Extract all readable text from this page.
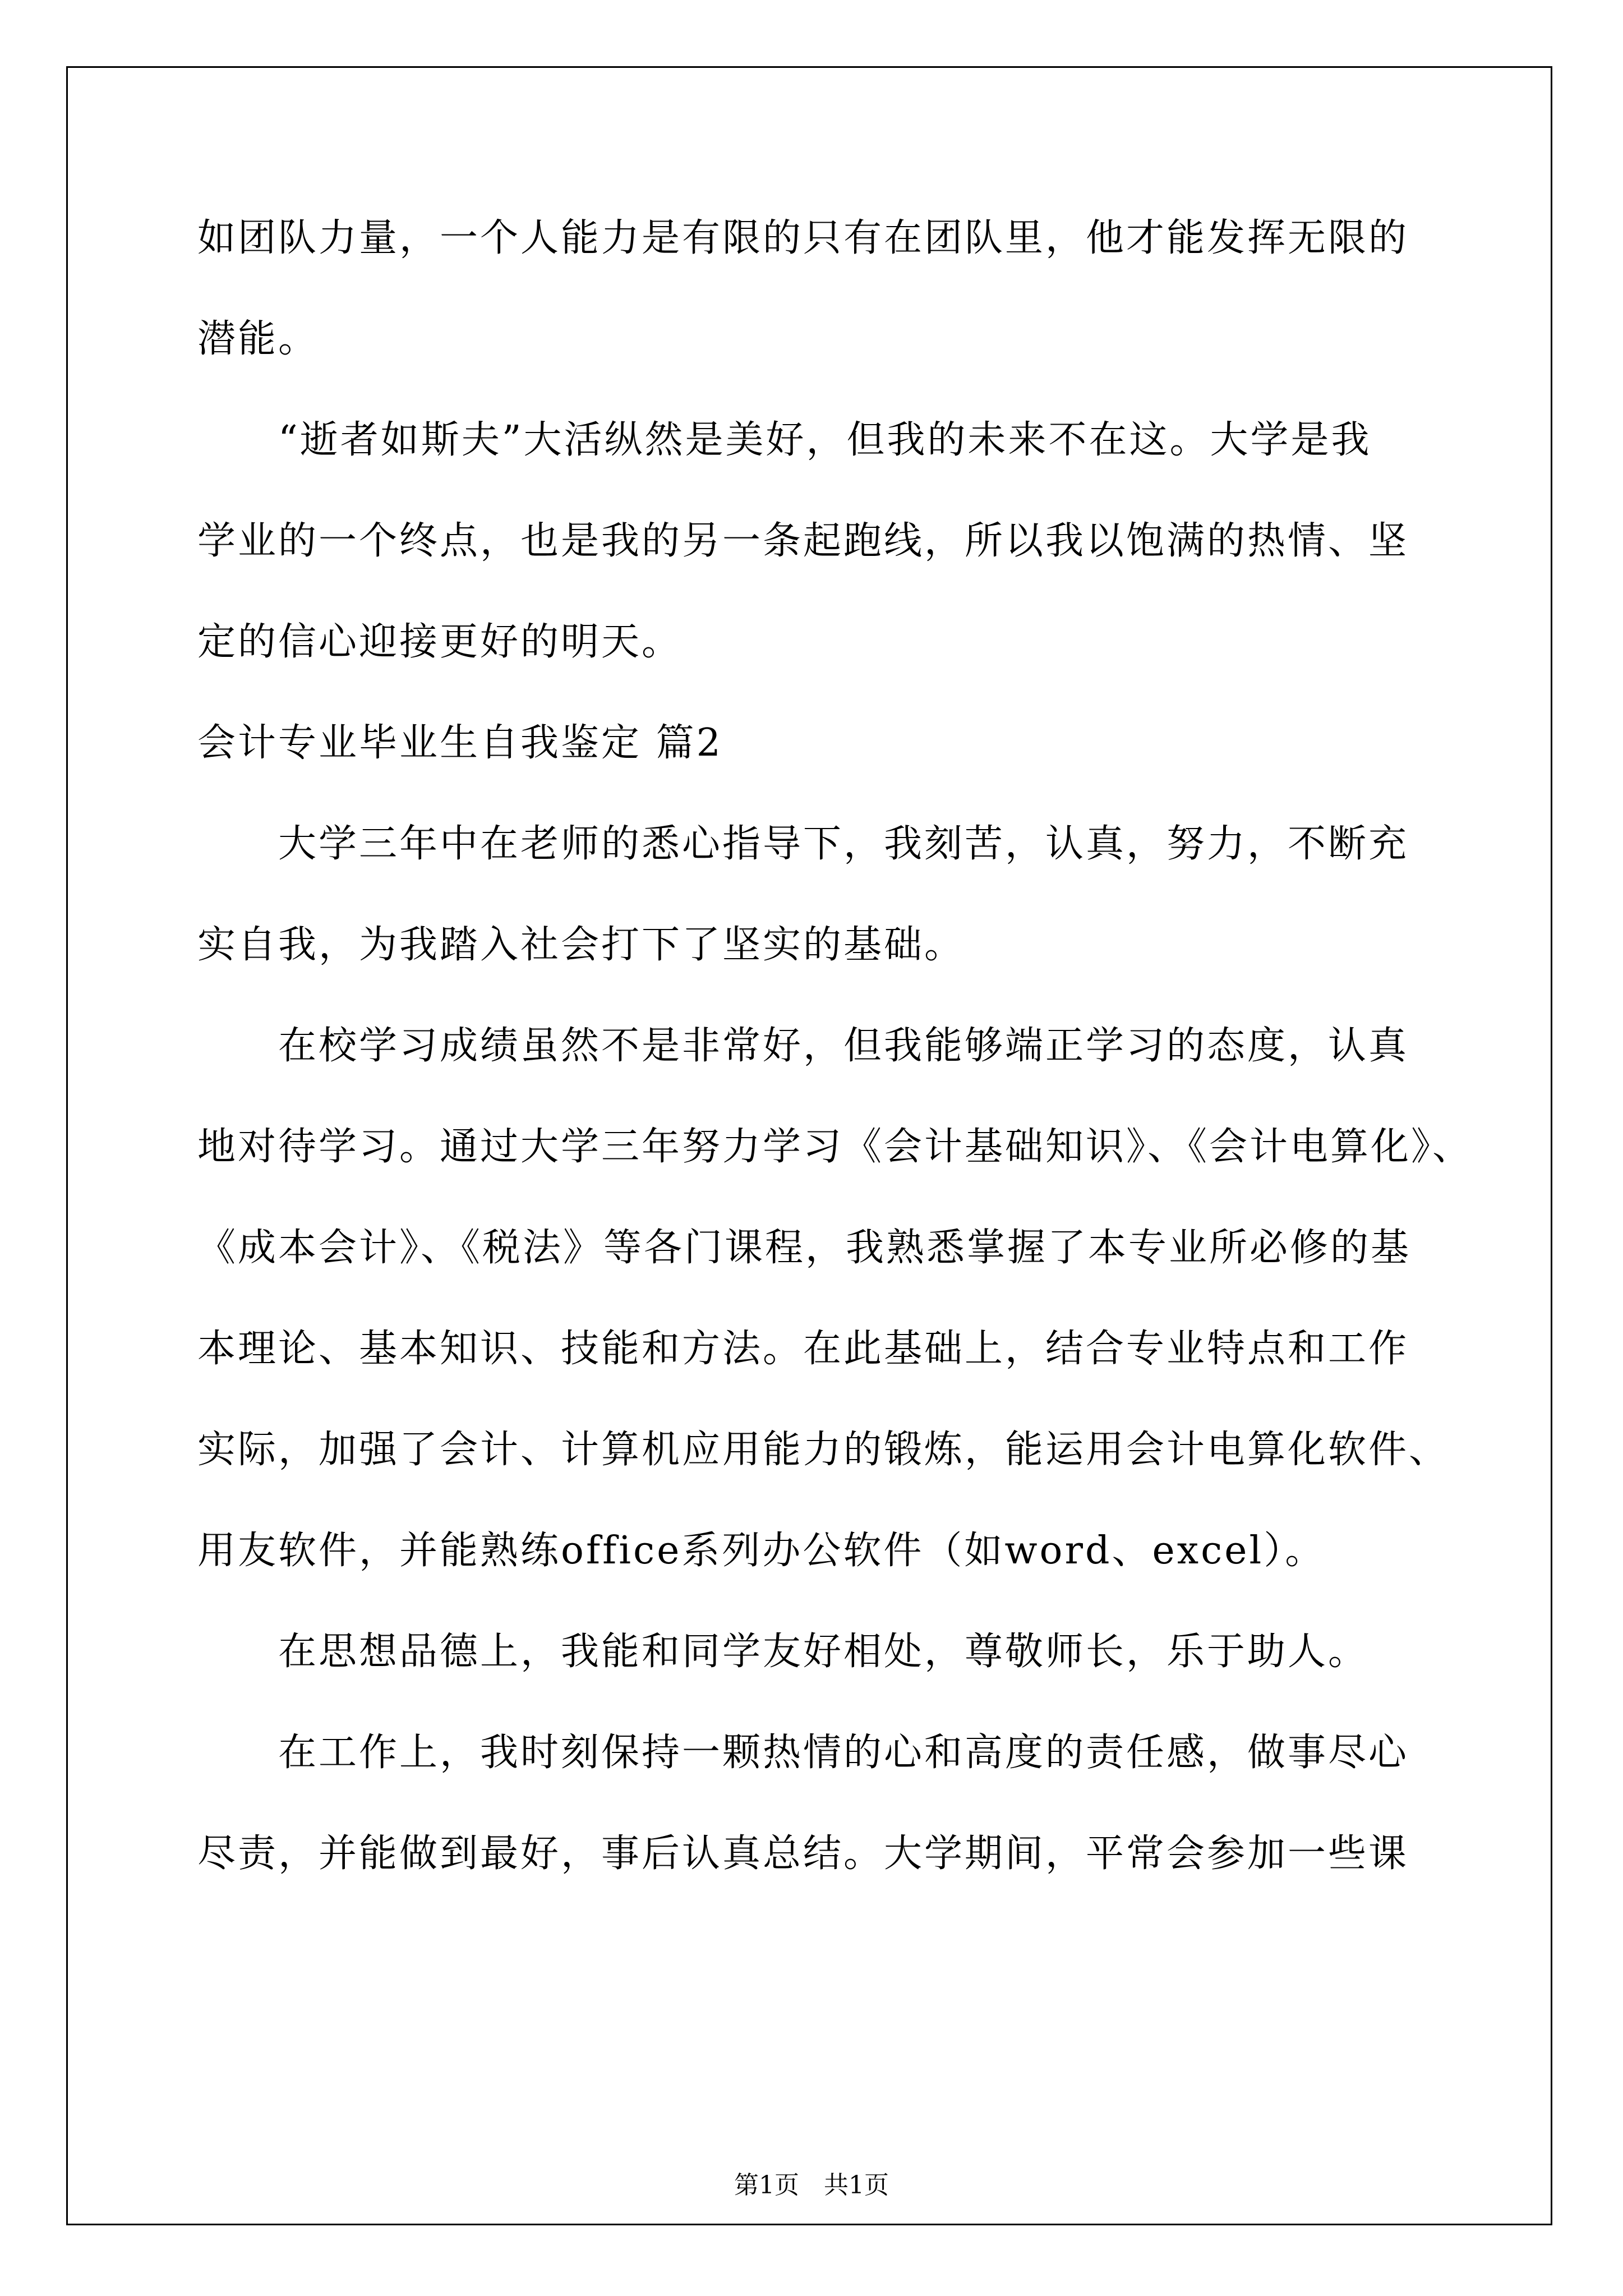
如团队力量，一个人能力是有限的只有在团队里，他才能发挥无限的
潜能。
　　“逝者如斯夫”大活纵然是美好，但我的未来不在这。大学是我
学业的一个终点，也是我的另一条起跑线，所以我以饱满的热情、坚
定的信心迎接更好的明天。
会计专业毕业生自我鉴定 篇2
　　大学三年中在老师的悉心指导下，我刻苦，认真，努力，不断充
实自我，为我踏入社会打下了坚实的基础。
　　在校学习成绩虽然不是非常好，但我能够端正学习的态度，认真
地对待学习。通过大学三年努力学习《会计基础知识》、《会计电算化》、
《成本会计》、《税法》等各门课程，我熟悉掌握了本专业所必修的基
本理论、基本知识、技能和方法。在此基础上，结合专业特点和工作
实际，加强了会计、计算机应用能力的锻炼，能运用会计电算化软件、
用友软件，并能熟练office系列办公软件（如word、excel）。
　　在思想品德上，我能和同学友好相处，尊敬师长，乐于助人。
　　在工作上，我时刻保持一颗热情的心和高度的责任感，做事尽心
尽责，并能做到最好，事后认真总结。大学期间，平常会参加一些课
第1页　共1页
